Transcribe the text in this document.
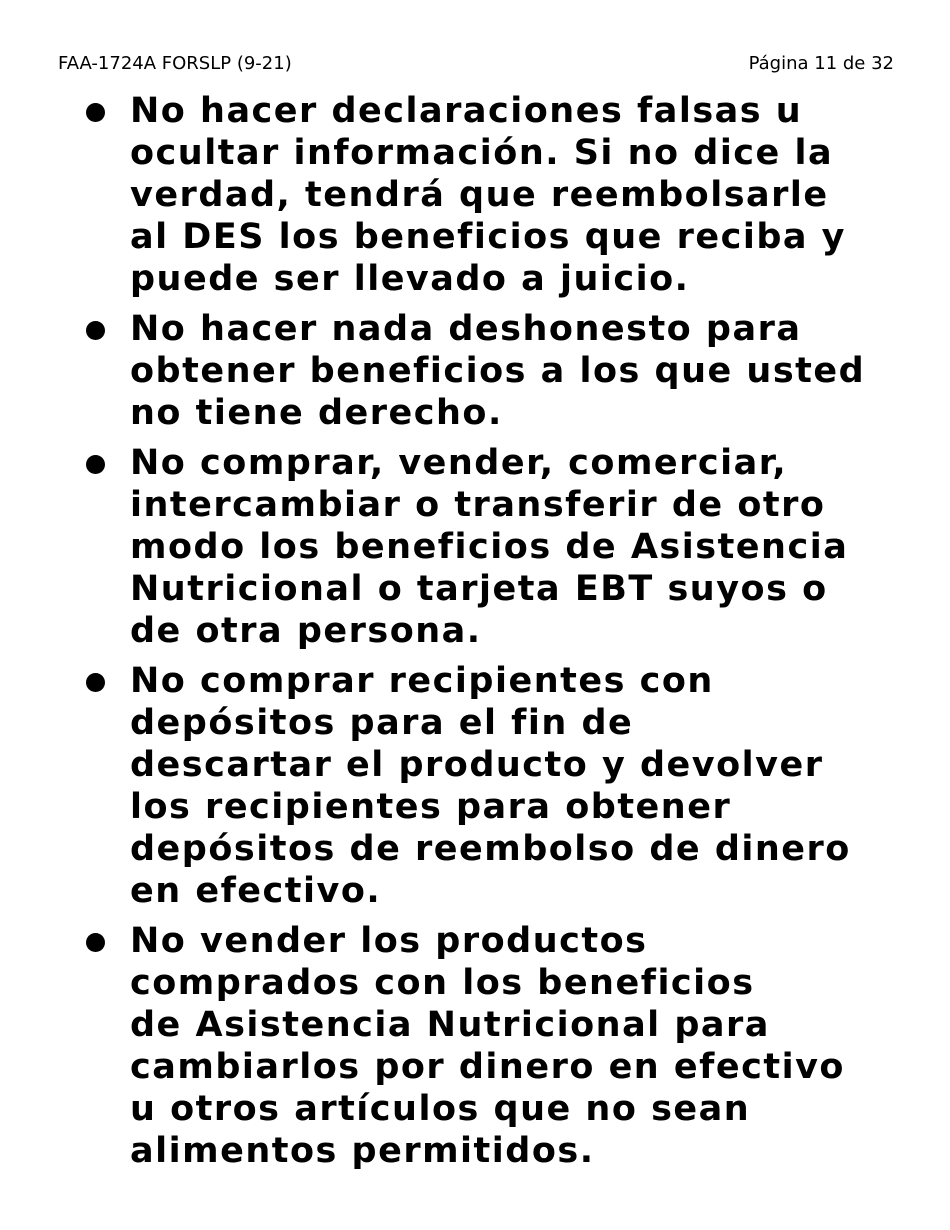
FAA-1724A FORSLP (9-21)	Página 11 de 32
No hacer declaraciones falsas u
ocultar información. Si no dice la
verdad, tendrá que reembolsarle
al DES los beneficios que reciba y
puede ser llevado a juicio.
No hacer nada deshonesto para
obtener beneficios a los que usted
no tiene derecho.
No comprar, vender, comerciar,
intercambiar o transferir de otro
modo los beneficios de Asistencia
Nutricional o tarjeta EBT suyos o
de otra persona.
No comprar recipientes con
depósitos para el fin de
descartar el producto y devolver
los recipientes para obtener
depósitos de reembolso de dinero
en efectivo.
No vender los productos
comprados con los beneficios
de Asistencia Nutricional para
cambiarlos por dinero en efectivo
u otros artículos que no sean
alimentos permitidos.
